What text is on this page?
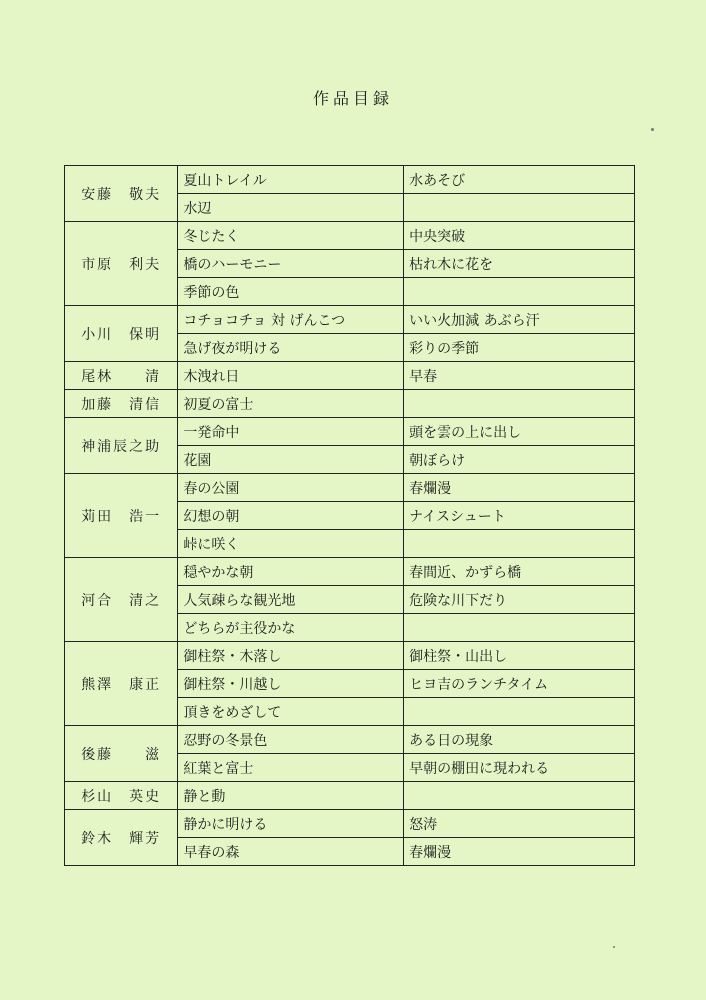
作品目録
安藤　敬夫	夏山トレイル	水あそび
	水辺	
市原　利夫	冬じたく	中央突破
	橋のハーモニー	枯れ木に花を
	季節の色	
小川　保明	コチョコチョ 対 げんこつ	いい火加減 あぶら汗
	急げ夜が明ける	彩りの季節
尾林　　清	木洩れ日	早春
加藤　清信	初夏の富士	
神浦辰之助	一発命中	頭を雲の上に出し
	花園	朝ぼらけ
苅田　浩一	春の公園	春爛漫
	幻想の朝	ナイスシュート
	峠に咲く	
河合　清之	穏やかな朝	春間近、かずら橋
	人気疎らな観光地	危険な川下だり
	どちらが主役かな	
熊澤　康正	御柱祭・木落し	御柱祭・山出し
	御柱祭・川越し	ヒヨ吉のランチタイム
	頂きをめざして	
後藤　　滋	忍野の冬景色	ある日の現象
	紅葉と富士	早朝の棚田に現われる
杉山　英史	静と動	
鈴木　輝芳	静かに明ける	怒涛
	早春の森	春爛漫
